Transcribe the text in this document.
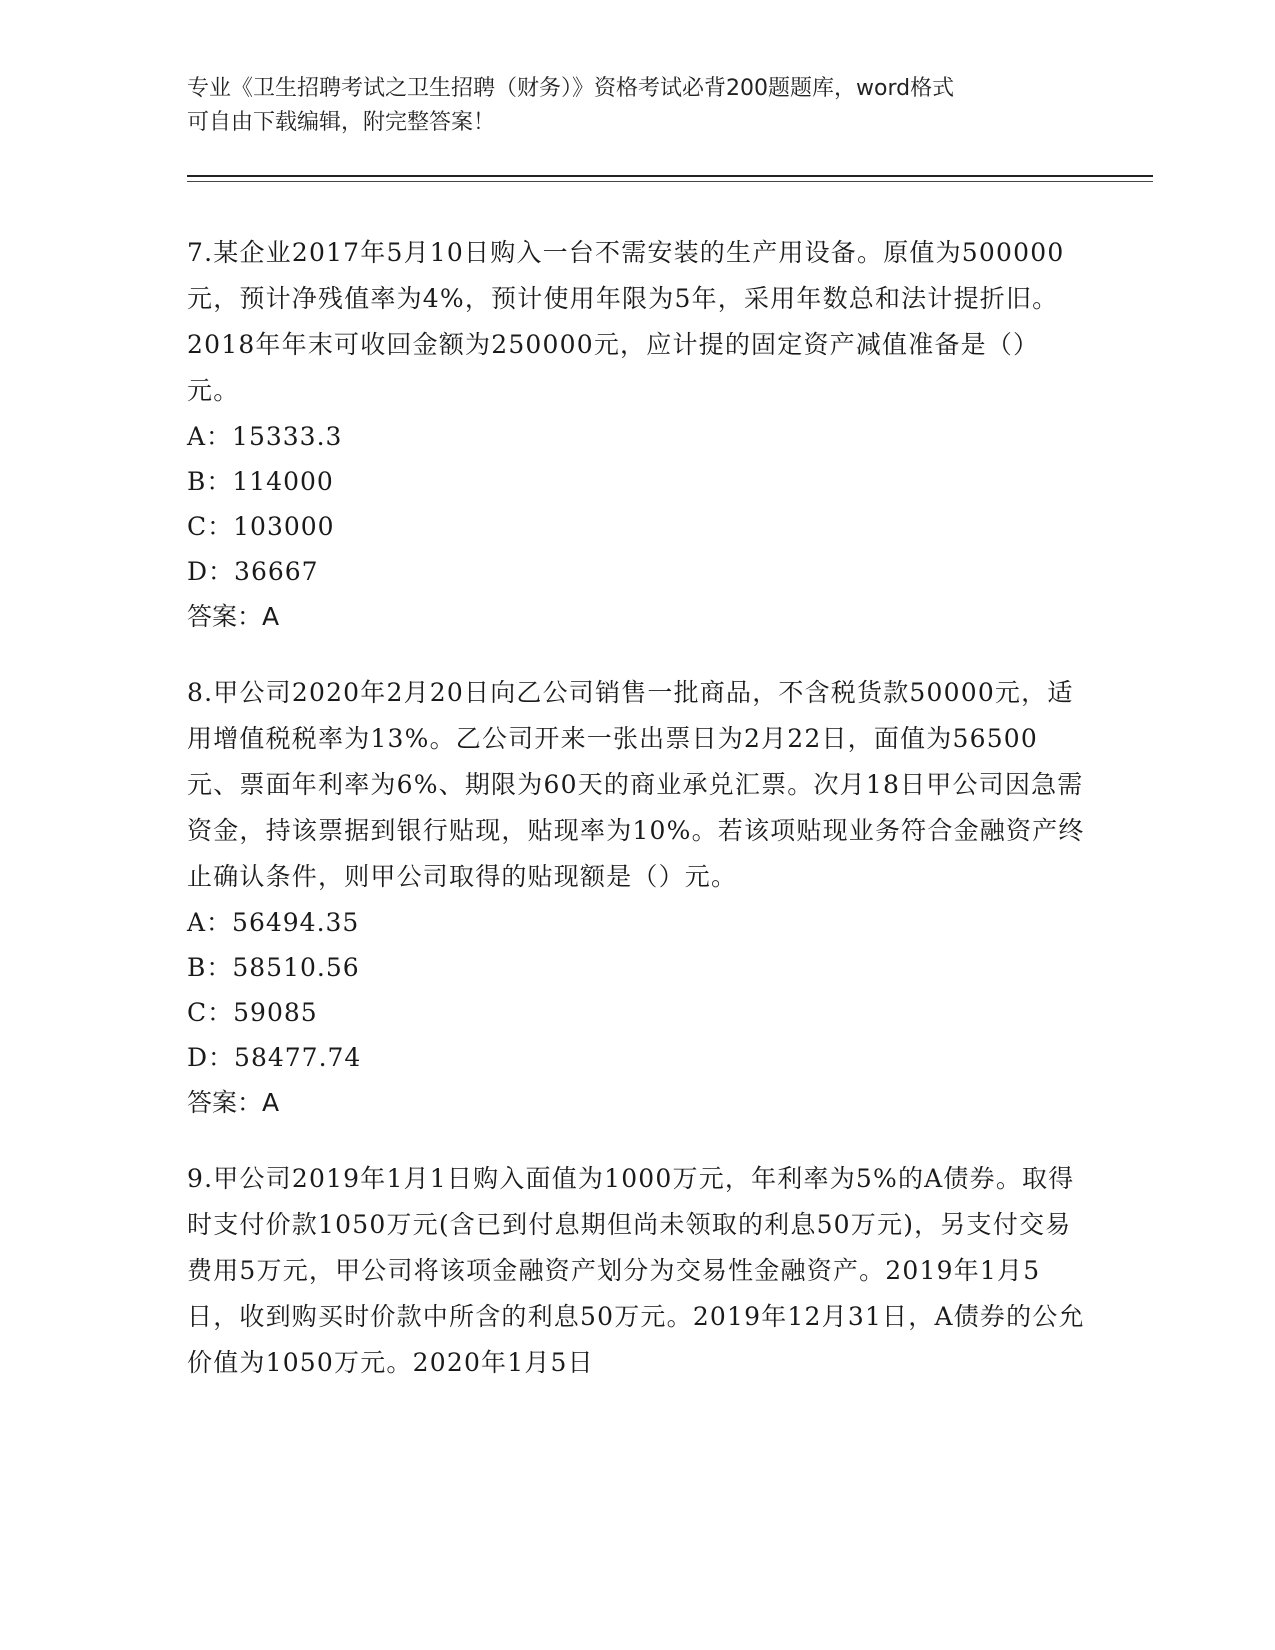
专业《卫生招聘考试之卫生招聘（财务）》资格考试必背200题题库，word格式
可自由下载编辑，附完整答案！

7.某企业2017年5月10日购入一台不需安装的生产用设备。原值为500000元，预计净残值率为4%，预计使用年限为5年，采用年数总和法计提折旧。2018年年末可收回金额为250000元，应计提的固定资产减值准备是（）元。

A：15333.3
B：114000
C：103000
D：36667

答案：A

8.甲公司2020年2月20日向乙公司销售一批商品，不含税货款50000元，适用增值税税率为13%。乙公司开来一张出票日为2月22日，面值为56500元、票面年利率为6%、期限为60天的商业承兑汇票。次月18日甲公司因急需资金，持该票据到银行贴现，贴现率为10%。若该项贴现业务符合金融资产终止确认条件，则甲公司取得的贴现额是（）元。

A：56494.35
B：58510.56
C：59085
D：58477.74

答案：A

9.甲公司2019年1月1日购入面值为1000万元，年利率为5%的A债券。取得时支付价款1050万元(含已到付息期但尚未领取的利息50万元)，另支付交易费用5万元，甲公司将该项金融资产划分为交易性金融资产。2019年1月5日，收到购买时价款中所含的利息50万元。2019年12月31日，A债券的公允价值为1050万元。2020年1月5日
